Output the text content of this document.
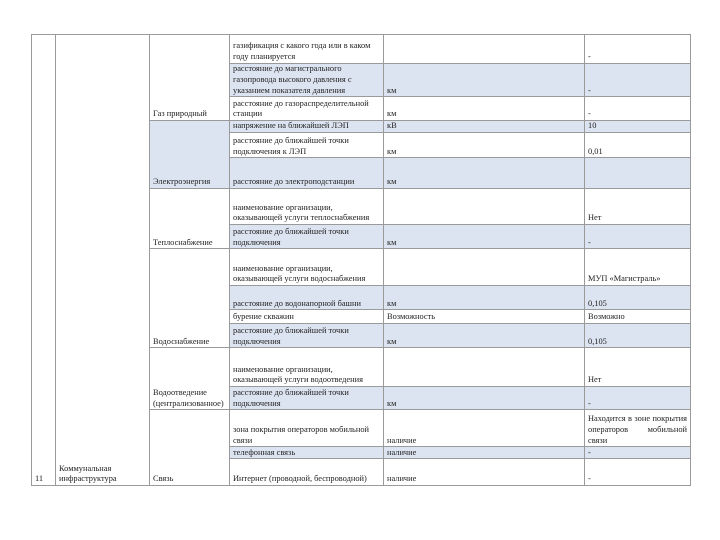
11	Коммунальная инфраструктура	Газ природный	газификация с какого года или в каком году планируется		-
			расстояние до магистрального газопровода высокого давления с указанием показателя давления	км	-
			расстояние до газораспределительной станции	км	-
		Электроэнергия	напряжение на ближайшей ЛЭП	кВ	10
			расстояние до ближайшей точки подключения к ЛЭП	км	0,01
			расстояние до электроподстанции	км	
		Теплоснабжение	наименование организации, оказывающей услуги теплоснабжения		Нет
			расстояние до ближайшей точки подключения	км	-
		Водоснабжение	наименование организации, оказывающей услуги водоснабжения		МУП «Магистраль»
			расстояние до водонапорной башни	км	0,105
			бурение скважин	Возможность	Возможно
			расстояние до ближайшей точки подключения	км	0,105
		Водоотведение (централизованное)	наименование организации, оказывающей услуги водоотведения		Нет
			расстояние до ближайшей точки подключения	км	-
		Связь	зона покрытия операторов мобильной связи	наличие	Находится в зоне покрытия операторов мобильной связи
			телефонная связь	наличие	-
			Интернет (проводной, беспроводной)	наличие	-
